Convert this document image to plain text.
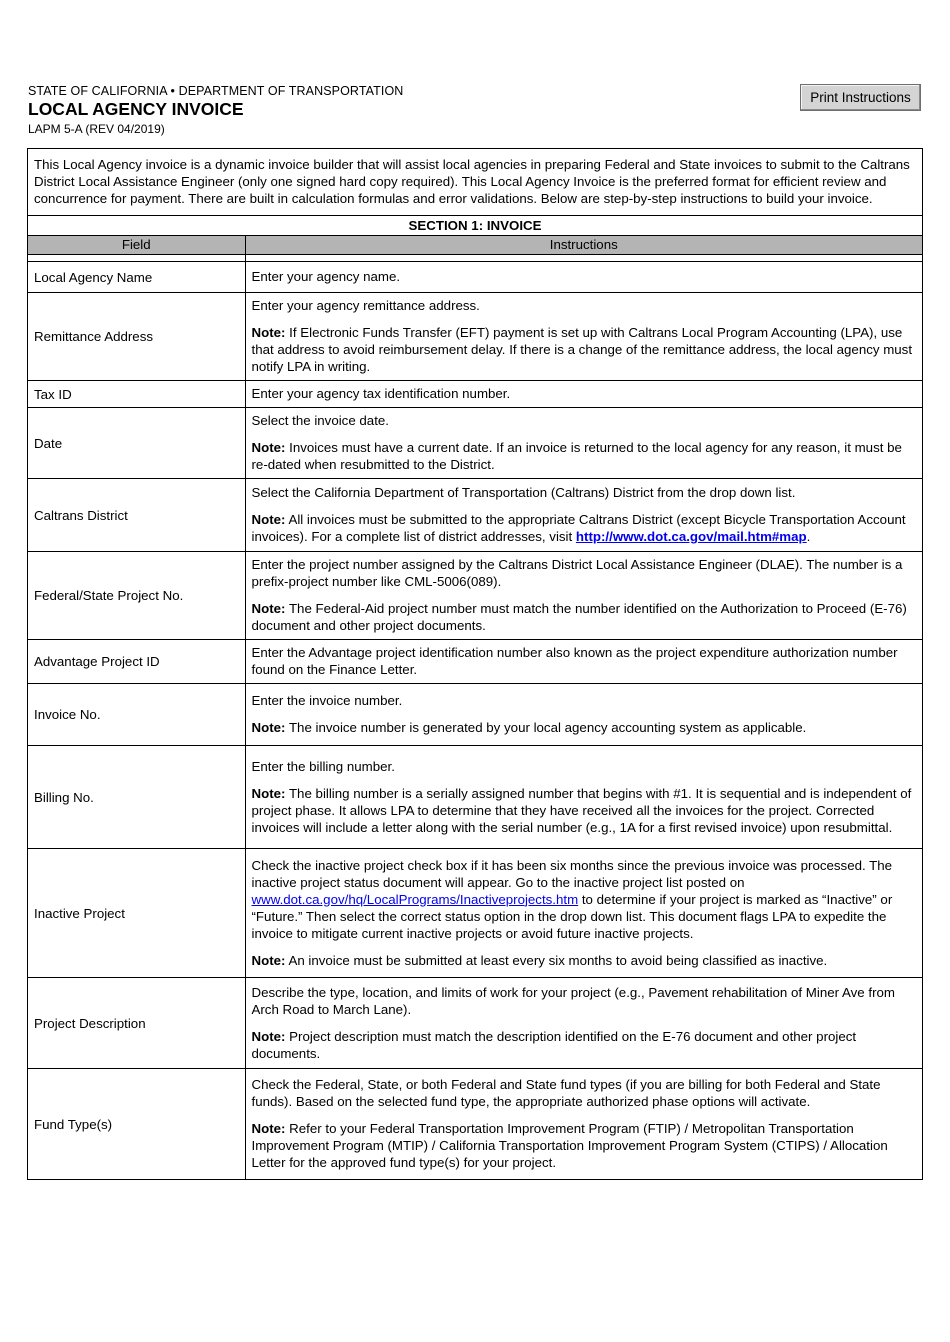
STATE OF CALIFORNIA • DEPARTMENT OF TRANSPORTATION
LOCAL AGENCY INVOICE
LAPM 5-A (REV 04/2019)
Print Instructions
This Local Agency invoice is a dynamic invoice builder that will assist local agencies in preparing Federal and State invoices to submit to the Caltrans District Local Assistance Engineer (only one signed hard copy required). This Local Agency Invoice is the preferred format for efficient review and concurrence for payment. There are built in calculation formulas and error validations. Below are step-by-step instructions to build your invoice.
SECTION 1: INVOICE	
Field	Instructions

Local Agency Name	Enter your agency name.
Remittance Address	Enter your agency remittance address.
Note: If Electronic Funds Transfer (EFT) payment is set up with Caltrans Local Program Accounting (LPA), use that address to avoid reimbursement delay. If there is a change of the remittance address, the local agency must notify LPA in writing.

Tax ID	Enter your agency tax identification number.
Date	Select the invoice date.
Note: Invoices must have a current date. If an invoice is returned to the local agency for any reason, it must be re-dated when resubmitted to the District.

Caltrans District	Select the California Department of Transportation (Caltrans) District from the drop down list.
Note: All invoices must be submitted to the appropriate Caltrans District (except Bicycle Transportation Account invoices). For a complete list of district addresses, visit http://www.dot.ca.gov/mail.htm#map.

Federal/State Project No.	Enter the project number assigned by the Caltrans District Local Assistance Engineer (DLAE). The number is a prefix-project number like CML-5006(089).
Note: The Federal-Aid project number must match the number identified on the Authorization to Proceed (E-76) document and other project documents.

Advantage Project ID	Enter the Advantage project identification number also known as the project expenditure authorization number found on the Finance Letter.
Invoice No.	Enter the invoice number.
Note: The invoice number is generated by your local agency accounting system as applicable.

Billing No.	Enter the billing number.
Note: The billing number is a serially assigned number that begins with #1. It is sequential and is independent of project phase. It allows LPA to determine that they have received all the invoices for the project. Corrected invoices will include a letter along with the serial number (e.g., 1A for a first revised invoice) upon resubmittal.

Inactive Project	Check the inactive project check box if it has been six months since the previous invoice was processed. The inactive project status document will appear. Go to the inactive project list posted on www.dot.ca.gov/hq/LocalPrograms/Inactiveprojects.htm to determine if your project is marked as “Inactive” or “Future.” Then select the correct status option in the drop down list. This document flags LPA to expedite the invoice to mitigate current inactive projects or avoid future inactive projects.
Note: An invoice must be submitted at least every six months to avoid being classified as inactive.

Project Description	Describe the type, location, and limits of work for your project (e.g., Pavement rehabilitation of Miner Ave from Arch Road to March Lane).
Note: Project description must match the description identified on the E-76 document and other project documents.

Fund Type(s)	Check the Federal, State, or both Federal and State fund types (if you are billing for both Federal and State funds). Based on the selected fund type, the appropriate authorized phase options will activate.
Note: Refer to your Federal Transportation Improvement Program (FTIP) / Metropolitan Transportation Improvement Program (MTIP) / California Transportation Improvement Program System (CTIPS) / Allocation Letter for the approved fund type(s) for your project.
